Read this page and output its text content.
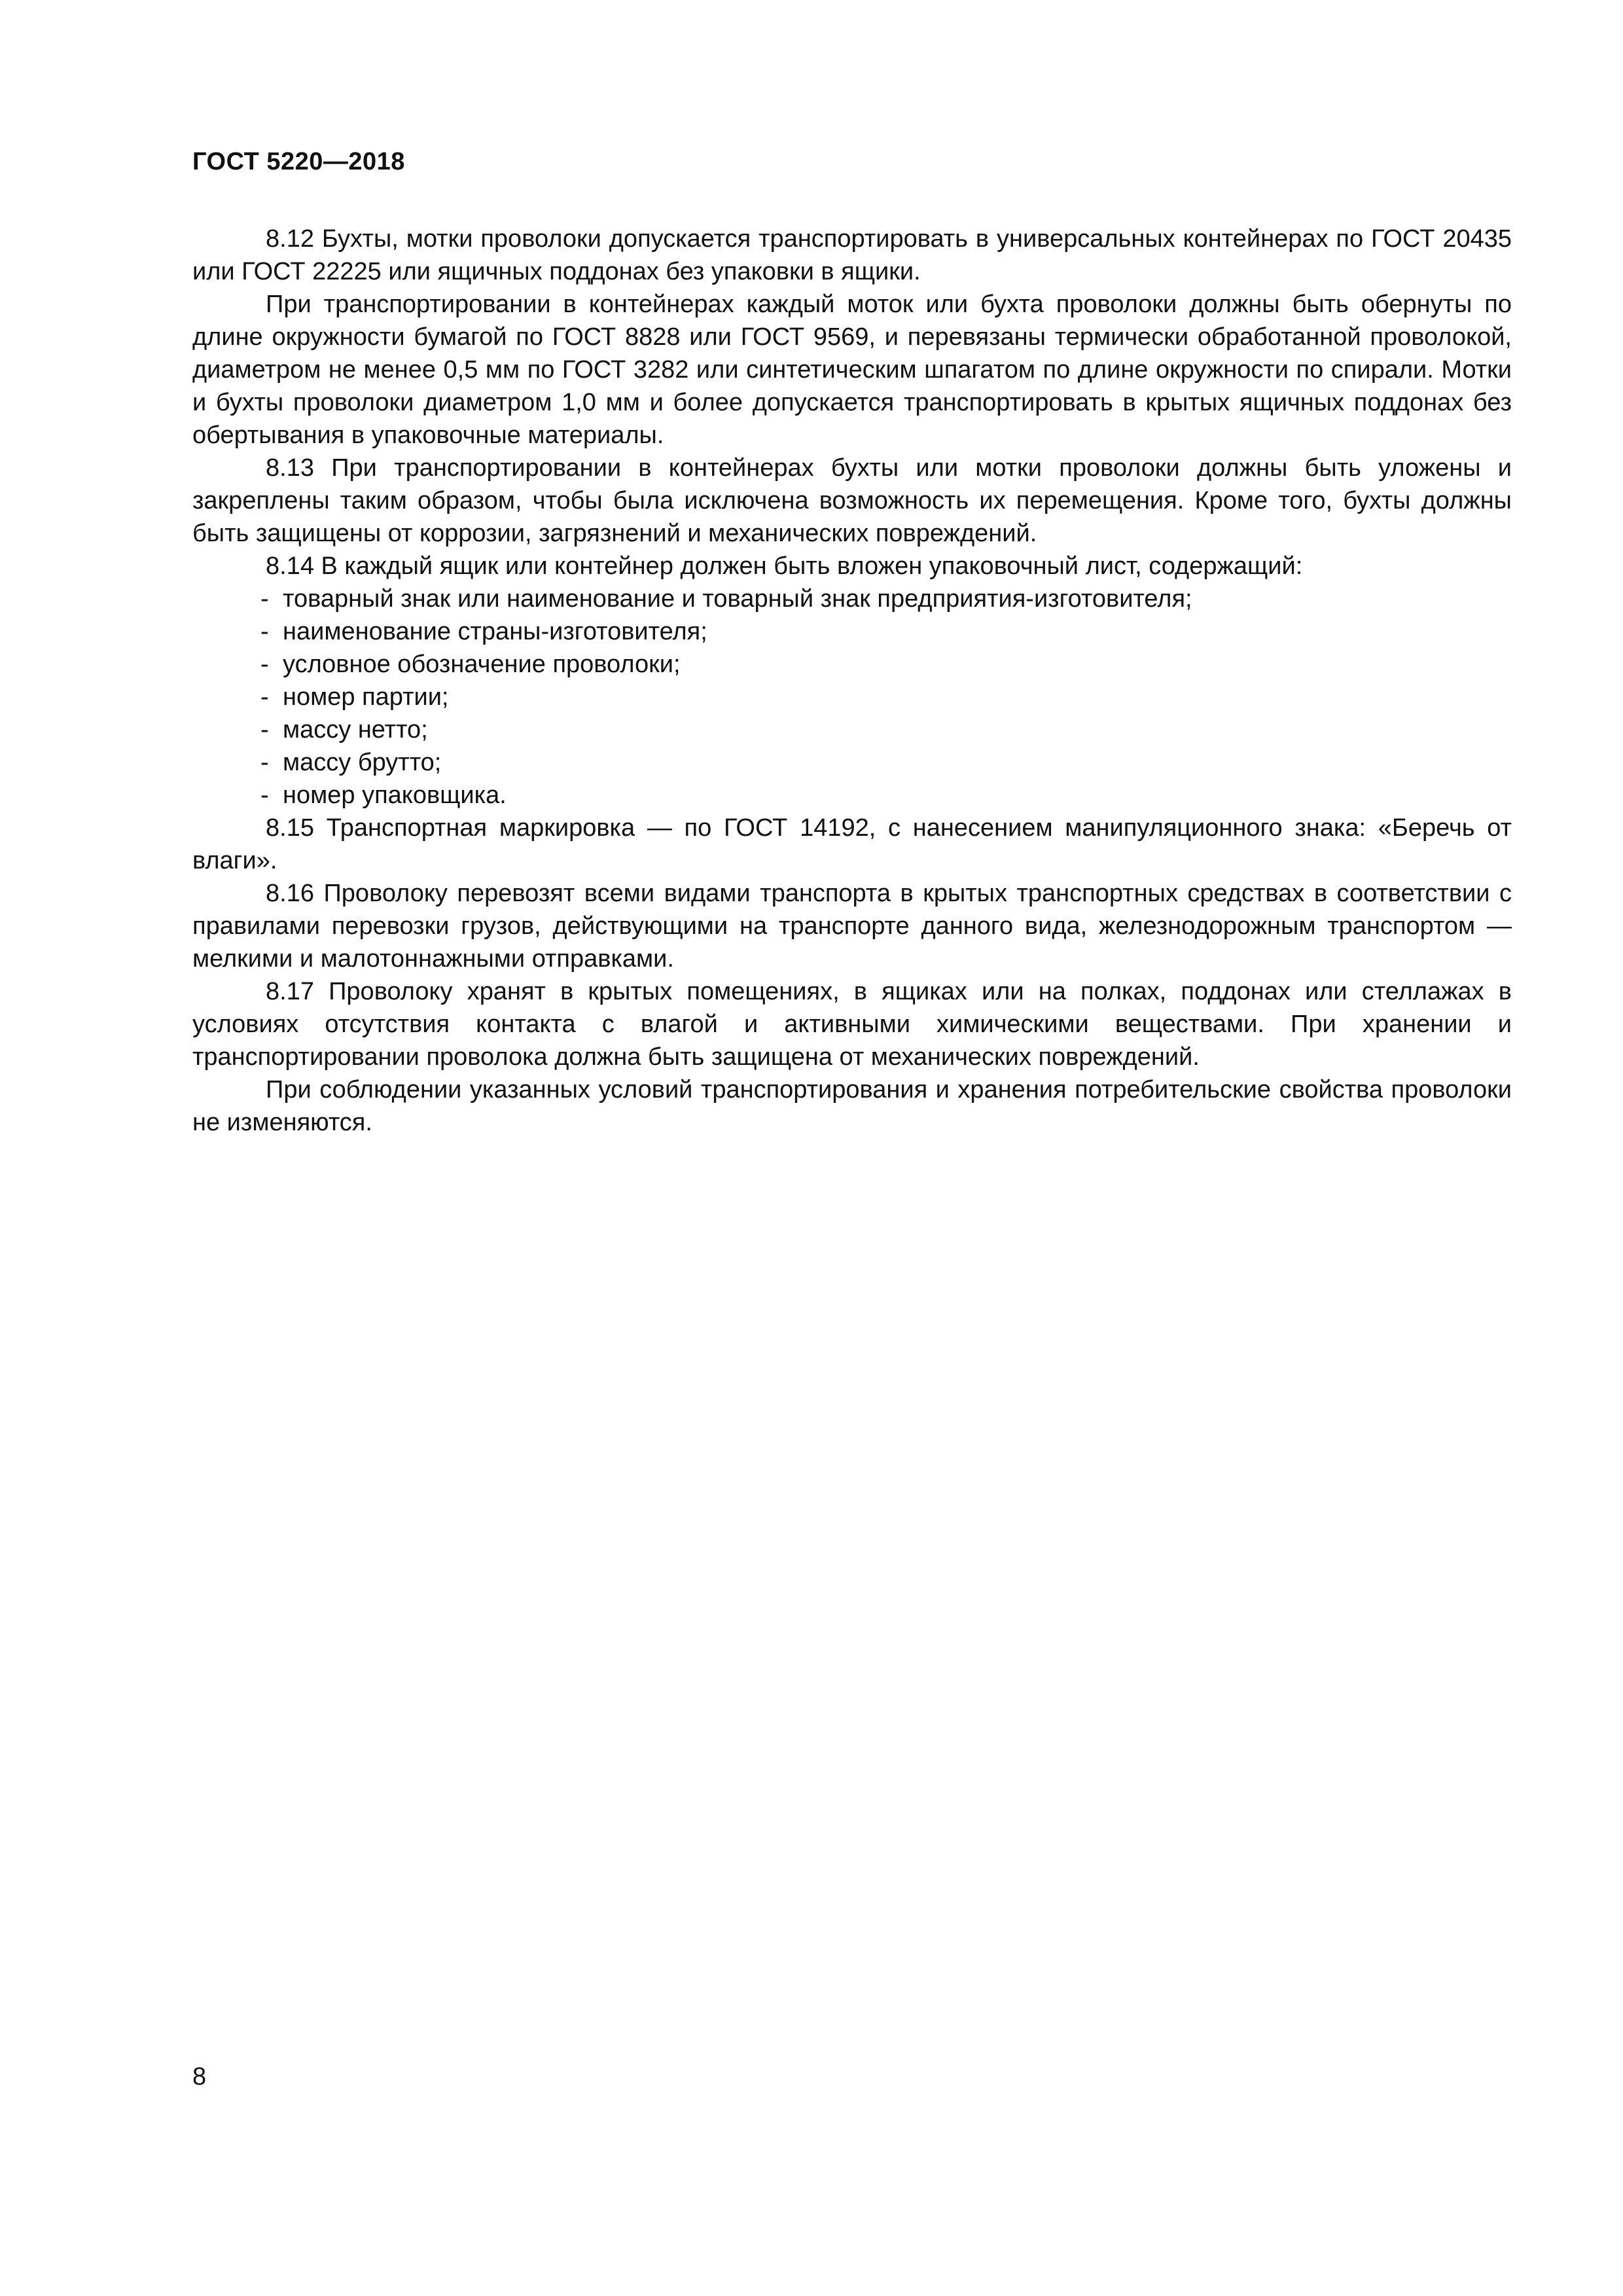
ГОСТ 5220—2018

8.12 Бухты, мотки проволоки допускается транспортировать в универсальных контейнерах по ГОСТ 20435 или ГОСТ 22225 или ящичных поддонах без упаковки в ящики.

При транспортировании в контейнерах каждый моток или бухта проволоки должны быть обернуты по длине окружности бумагой по ГОСТ 8828 или ГОСТ 9569, и перевязаны термически обработанной проволокой, диаметром не менее 0,5 мм по ГОСТ 3282 или синтетическим шпагатом по длине окружности по спирали. Мотки и бухты проволоки диаметром 1,0 мм и более допускается транспортировать в крытых ящичных поддонах без обертывания в упаковочные материалы.

8.13 При транспортировании в контейнерах бухты или мотки проволоки должны быть уложены и закреплены таким образом, чтобы была исключена возможность их перемещения. Кроме того, бухты должны быть защищены от коррозии, загрязнений и механических повреждений.

8.14 В каждый ящик или контейнер должен быть вложен упаковочный лист, содержащий:

- товарный знак или наименование и товарный знак предприятия-изготовителя;
- наименование страны-изготовителя;
- условное обозначение проволоки;
- номер партии;
- массу нетто;
- массу брутто;
- номер упаковщика.

8.15 Транспортная маркировка — по ГОСТ 14192, с нанесением манипуляционного знака: «Беречь от влаги».

8.16 Проволоку перевозят всеми видами транспорта в крытых транспортных средствах в соответствии с правилами перевозки грузов, действующими на транспорте данного вида, железнодорожным транспортом — мелкими и малотоннажными отправками.

8.17 Проволоку хранят в крытых помещениях, в ящиках или на полках, поддонах или стеллажах в условиях отсутствия контакта с влагой и активными химическими веществами. При хранении и транспортировании проволока должна быть защищена от механических повреждений.

При соблюдении указанных условий транспортирования и хранения потребительские свойства проволоки не изменяются.

8
